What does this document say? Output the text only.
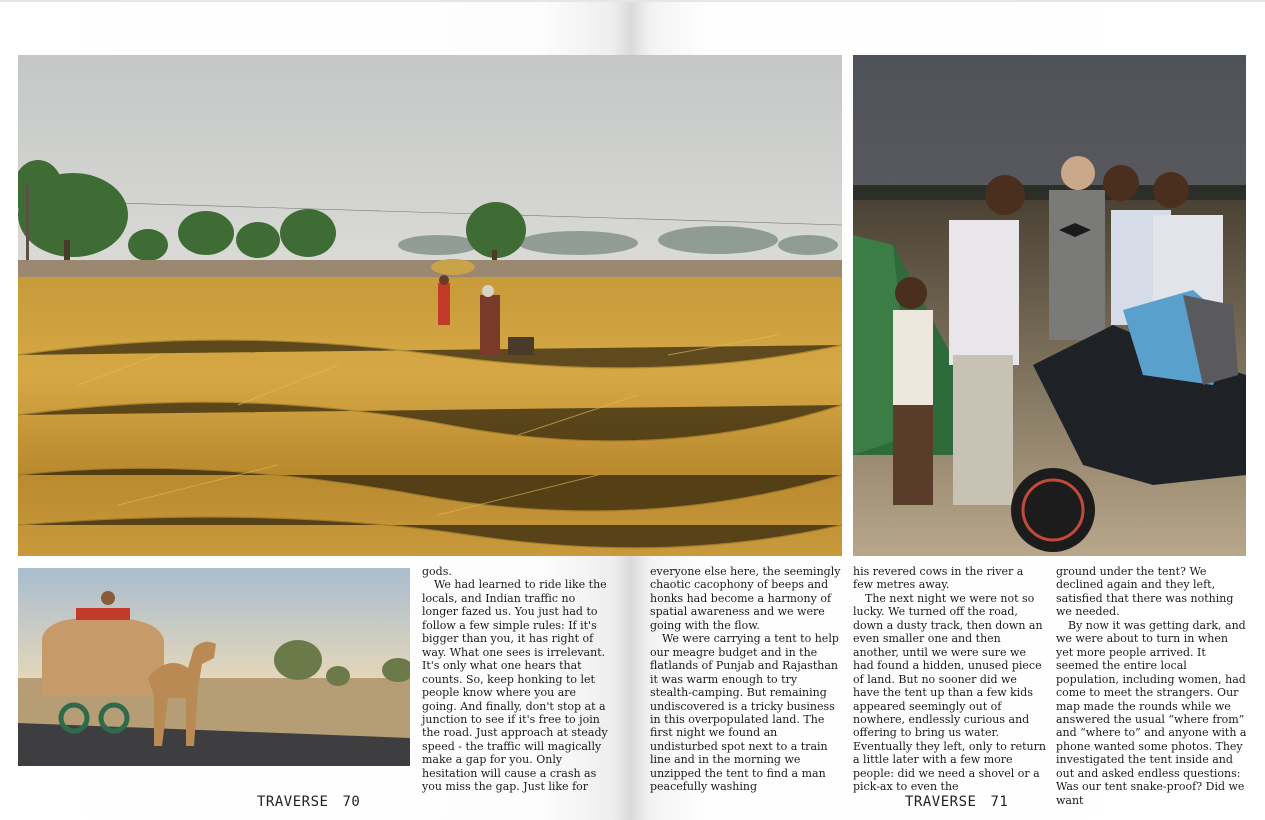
gods.

We had learned to ride like the locals, and Indian traffic no longer fazed us. You just had to follow a few simple rules: If it's bigger than you, it has right of way. What one sees is irrelevant. It's only what one hears that counts. So, keep honking to let people know where you are going. And finally, don't stop at a junction to see if it's free to join the road. Just approach at steady speed - the traffic will magically make a gap for you. Only hesitation will cause a crash as you miss the gap. Just like for

everyone else here, the seemingly chaotic cacophony of beeps and honks had become a harmony of spatial awareness and we were going with the flow.

We were carrying a tent to help our meagre budget and in the flatlands of Punjab and Rajasthan it was warm enough to try stealth-camping. But remaining undiscovered is a tricky business in this overpopulated land. The first night we found an undisturbed spot next to a train line and in the morning we unzipped the tent to find a man peacefully washing

his revered cows in the river a few metres away.

The next night we were not so lucky. We turned off the road, down a dusty track, then down an even smaller one and then another, until we were sure we had found a hidden, unused piece of land. But no sooner did we have the tent up than a few kids appeared seemingly out of nowhere, endlessly curious and offering to bring us water. Eventually they left, only to return a little later with a few more people: did we need a shovel or a pick-ax to even the

ground under the tent? We declined again and they left, satisfied that there was nothing we needed.

By now it was getting dark, and we were about to turn in when yet more people arrived. It seemed the entire local population, including women, had come to meet the strangers. Our map made the rounds while we answered the usual “where from” and “where to” and anyone with a phone wanted some photos. They investigated the tent inside and out and asked endless questions: Was our tent snake-proof? Did we want

TRAVERSE 70	TRAVERSE 71
